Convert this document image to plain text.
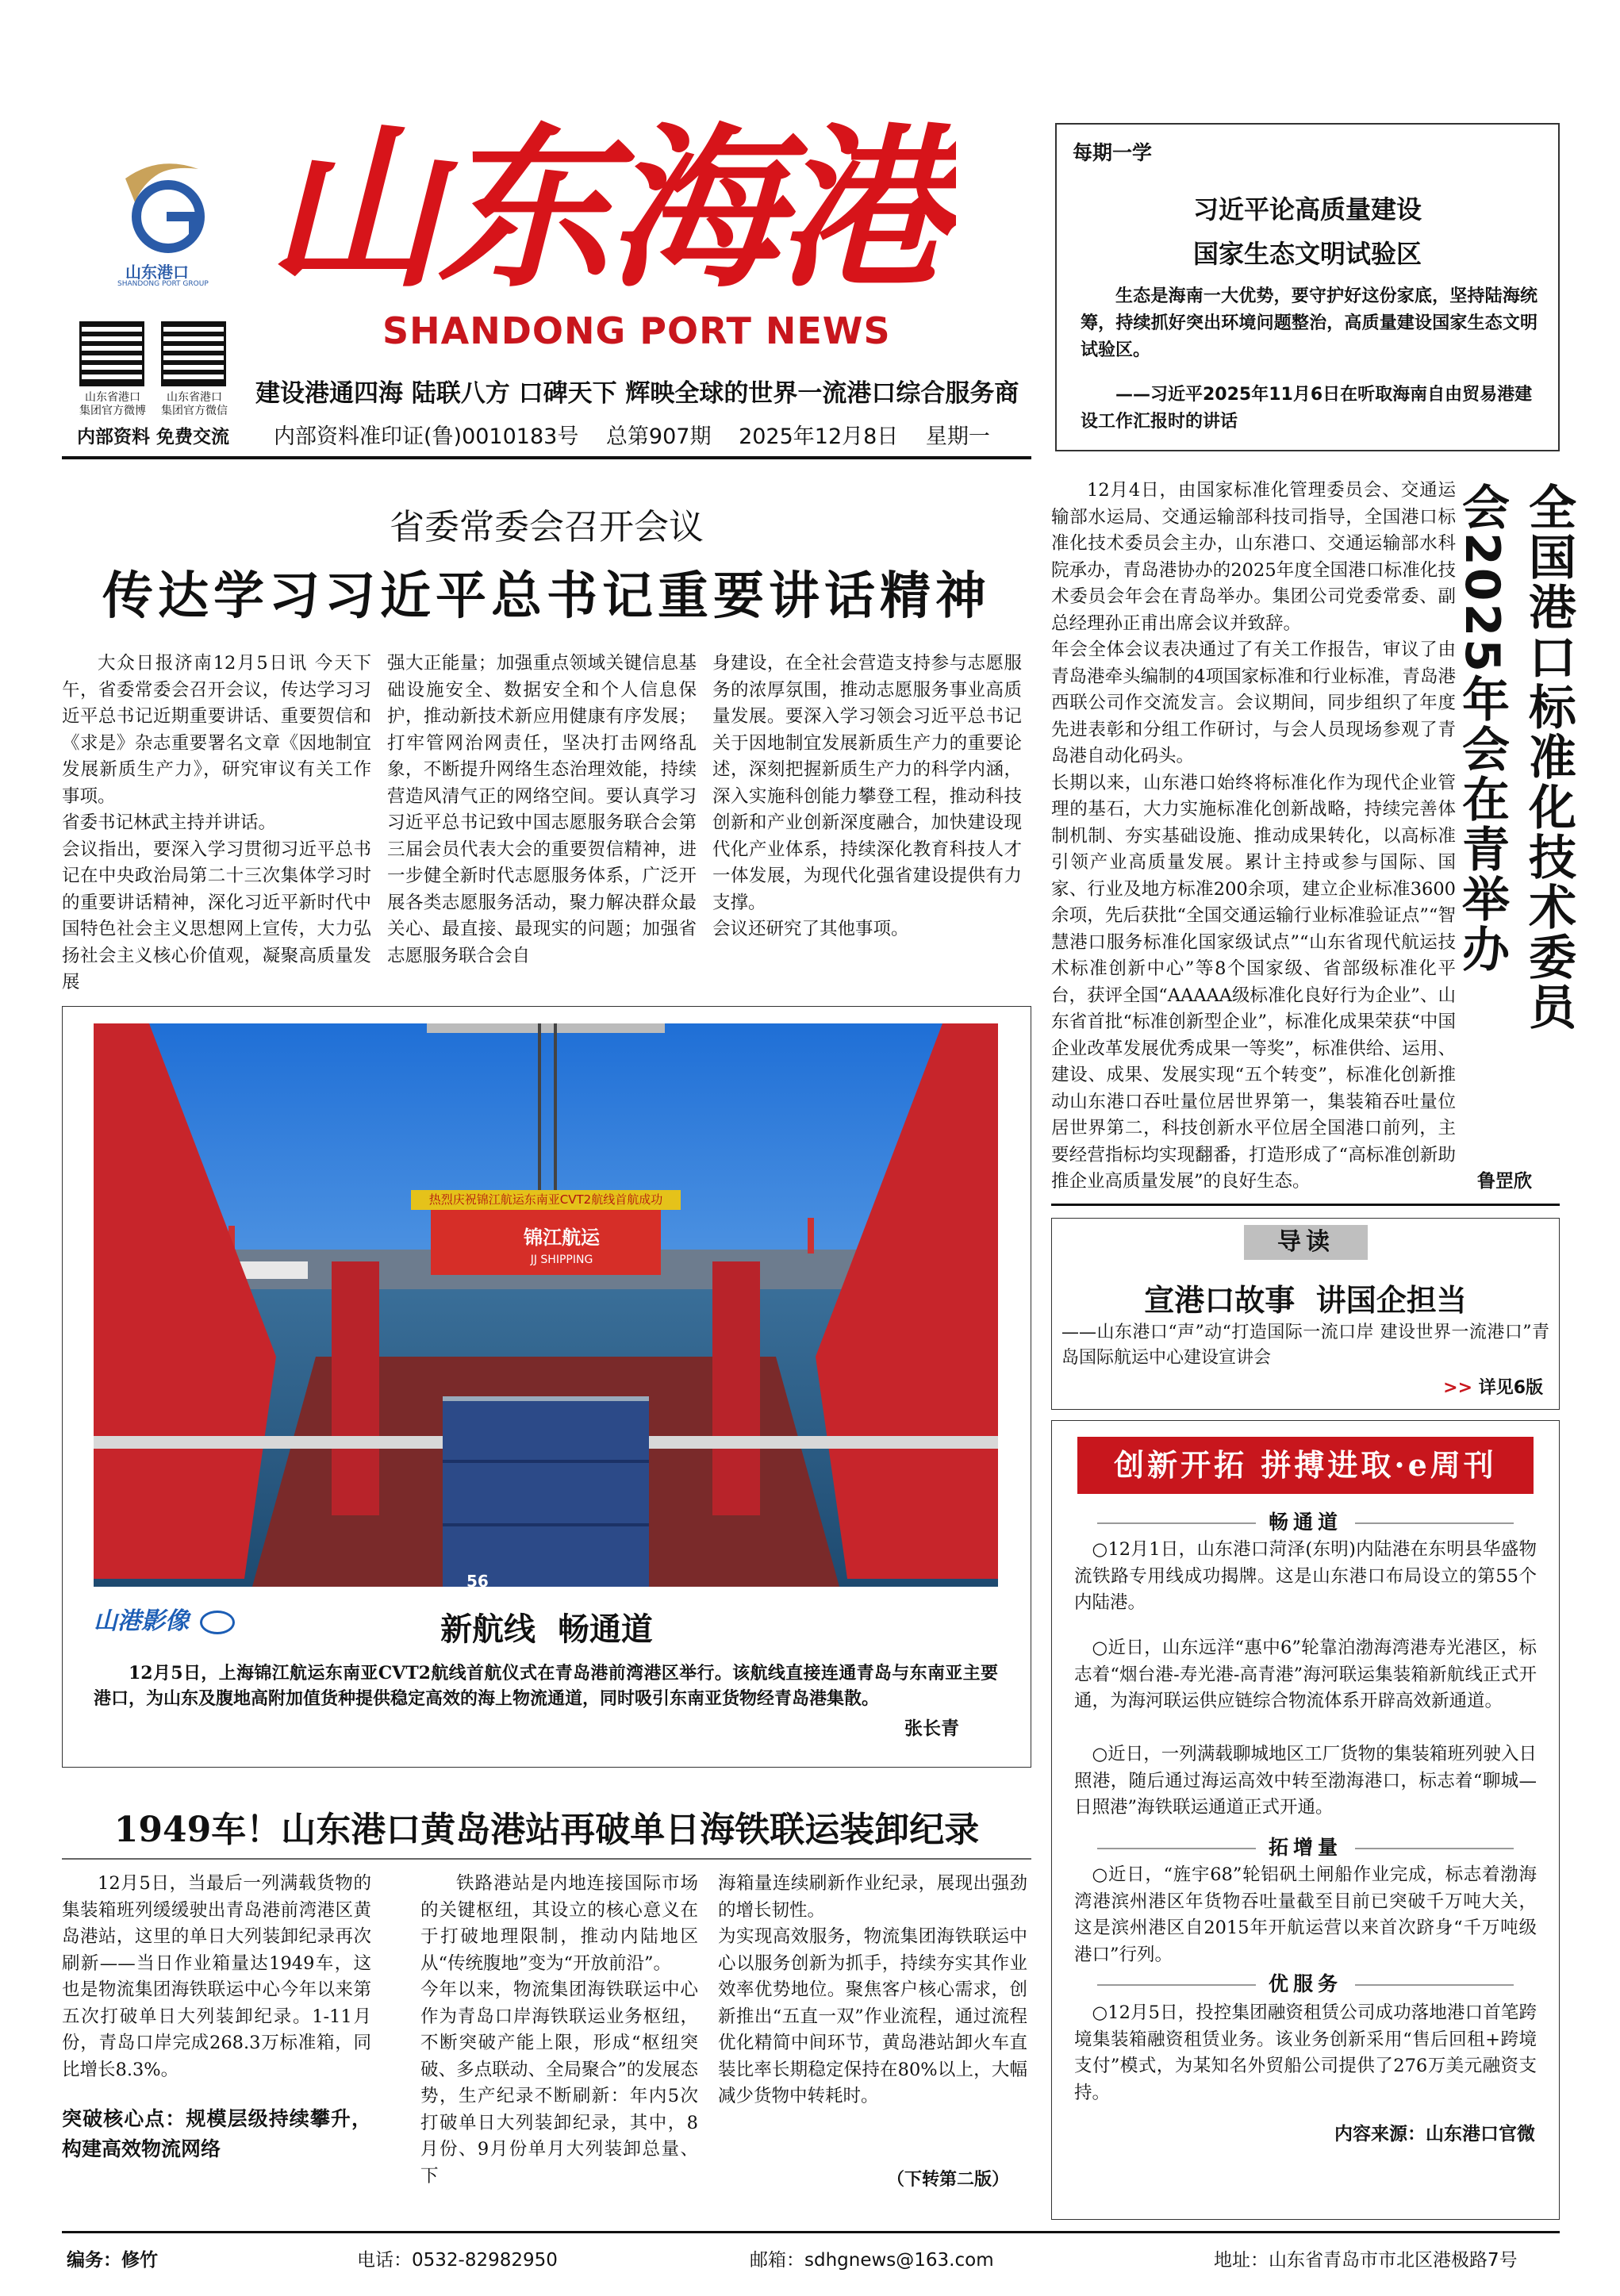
山东港口
SHANDONG PORT GROUP 山东海港
SHANDONG PORT NEWS
山东省港口
集团官方微博
山东省港口
集团官方微信
内部资料 免费交流
建设港通四海 陆联八方 口碑天下 辉映全球的世界一流港口综合服务商
内部资料准印证(鲁)0010183号 总第907期 2025年12月8日 星期一
每期一学
习近平论高质量建设
国家生态文明试验区
生态是海南一大优势，要守护好这份家底，坚持陆海统筹，持续抓好突出环境问题整治，高质量建设国家生态文明试验区。
——习近平2025年11月6日在听取海南自由贸易港建设工作汇报时的讲话
省委常委会召开会议
传达学习习近平总书记重要讲话精神
大众日报济南12月5日讯 今天下午，省委常委会召开会议，传达学习习近平总书记近期重要讲话、重要贺信和《求是》杂志重要署名文章《因地制宜发展新质生产力》，研究审议有关工作事项。
省委书记林武主持并讲话。
会议指出，要深入学习贯彻习近平总书记在中央政治局第二十三次集体学习时的重要讲话精神，深化习近平新时代中国特色社会主义思想网上宣传，大力弘扬社会主义核心价值观，凝聚高质量发展
强大正能量；加强重点领域关键信息基础设施安全、数据安全和个人信息保护，推动新技术新应用健康有序发展；打牢管网治网责任，坚决打击网络乱象，不断提升网络生态治理效能，持续营造风清气正的网络空间。要认真学习习近平总书记致中国志愿服务联合会第三届会员代表大会的重要贺信精神，进一步健全新时代志愿服务体系，广泛开展各类志愿服务活动，聚力解决群众最关心、最直接、最现实的问题；加强省志愿服务联合会自
身建设，在全社会营造支持参与志愿服务的浓厚氛围，推动志愿服务事业高质量发展。要深入学习领会习近平总书记关于因地制宜发展新质生产力的重要论述，深刻把握新质生产力的科学内涵，深入实施科创能力攀登工程，推动科技创新和产业创新深度融合，加快建设现代化产业体系，持续深化教育科技人才一体发展，为现代化强省建设提供有力支撑。
会议还研究了其他事项。	全国港口标准化技术委员会2025年会在青举办
12月4日，由国家标准化管理委员会、交通运输部水运局、交通运输部科技司指导，全国港口标准化技术委员会主办，山东港口、交通运输部水科院承办，青岛港协办的2025年度全国港口标准化技术委员会年会在青岛举办。集团公司党委常委、副总经理孙正甫出席会议并致辞。
年会全体会议表决通过了有关工作报告，审议了由青岛港牵头编制的4项国家标准和行业标准，青岛港西联公司作交流发言。会议期间，同步组织了年度先进表彰和分组工作研讨，与会人员现场参观了青岛港自动化码头。
长期以来，山东港口始终将标准化作为现代企业管理的基石，大力实施标准化创新战略，持续完善体制机制、夯实基础设施、推动成果转化，以高标准引领产业高质量发展。累计主持或参与国际、国家、行业及地方标准200余项，建立企业标准3600余项，先后获批“全国交通运输行业标准验证点”“智慧港口服务标准化国家级试点”“山东省现代航运技术标准创新中心”等8个国家级、省部级标准化平台，获评全国“AAAAA级标准化良好行为企业”、山东省首批“标准创新型企业”，标准化成果荣获“中国企业改革发展优秀成果一等奖”，标准供给、运用、建设、成果、发展实现“五个转变”，标准化创新推动山东港口吞吐量位居世界第一，集装箱吞吐量位居世界第二，科技创新水平位居全国港口前列，主要经营指标均实现翻番，打造形成了“高标准创新助推企业高质量发展”的良好生态。	鲁罡欣
热烈庆祝锦江航运东南亚CVT2航线首航成功
锦江航运
JJ SHIPPING
56
山港影像	新航线  畅通道
12月5日，上海锦江航运东南亚CVT2航线首航仪式在青岛港前湾港区举行。该航线直接连通青岛与东南亚主要港口，为山东及腹地高附加值货种提供稳定高效的海上物流通道，同时吸引东南亚货物经青岛港集散。
张长青
导读
宣港口故事  讲国企担当
——山东港口“声”动“打造国际一流口岸 建设世界一流港口”青岛国际航运中心建设宣讲会
>> 详见6版
创新开拓 拼搏进取·e周刊
畅通道
○12月1日，山东港口菏泽(东明)内陆港在东明县华盛物流铁路专用线成功揭牌。这是山东港口布局设立的第55个内陆港。
○近日，山东远洋“惠中6”轮靠泊渤海湾港寿光港区，标志着“烟台港-寿光港-高青港”海河联运集装箱新航线正式开通，为海河联运供应链综合物流体系开辟高效新通道。
○近日，一列满载聊城地区工厂货物的集装箱班列驶入日照港，随后通过海运高效中转至渤海港口，标志着“聊城—日照港”海铁联运通道正式开通。
拓增量
○近日，“旌宇68”轮铝矾土闸船作业完成，标志着渤海湾港滨州港区年货物吞吐量截至目前已突破千万吨大关，这是滨州港区自2015年开航运营以来首次跻身“千万吨级港口”行列。
优服务
○12月5日，投控集团融资租赁公司成功落地港口首笔跨境集装箱融资租赁业务。该业务创新采用“售后回租+跨境支付”模式，为某知名外贸船公司提供了276万美元融资支持。
内容来源：山东港口官微
1949车！山东港口黄岛港站再破单日海铁联运装卸纪录
12月5日，当最后一列满载货物的集装箱班列缓缓驶出青岛港前湾港区黄岛港站，这里的单日大列装卸纪录再次刷新——当日作业箱量达1949车，这也是物流集团海铁联运中心今年以来第五次打破单日大列装卸纪录。1-11月份，青岛口岸完成268.3万标准箱，同比增长8.3%。
突破核心点：规模层级持续攀升，构建高效物流网络
铁路港站是内地连接国际市场的关键枢纽，其设立的核心意义在于打破地理限制，推动内陆地区从“传统腹地”变为“开放前沿”。
今年以来，物流集团海铁联运中心作为青岛口岸海铁联运业务枢纽，不断突破产能上限，形成“枢纽突破、多点联动、全局聚合”的发展态势，生产纪录不断刷新：年内5次打破单日大列装卸纪录，其中，8月份、9月份单月大列装卸总量、下
海箱量连续刷新作业纪录，展现出强劲的增长韧性。
为实现高效服务，物流集团海铁联运中心以服务创新为抓手，持续夯实其作业效率优势地位。聚焦客户核心需求，创新推出“五直一双”作业流程，通过流程优化精简中间环节，黄岛港站卸火车直装比率长期稳定保持在80%以上，大幅减少货物中转耗时。
（下转第二版）
编务：修竹	电话：0532-82982950	邮箱：sdhgnews@163.com	地址：山东省青岛市市北区港极路7号
